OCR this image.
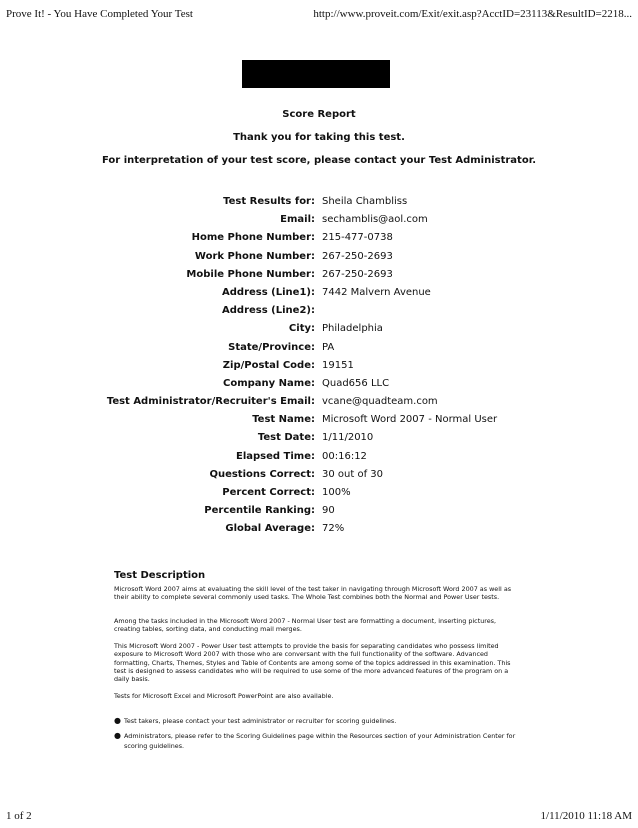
Prove It! - You Have Completed Your Test	http://www.proveit.com/Exit/exit.asp?AcctID=23113&ResultID=2218...
Score Report
Thank you for taking this test.
For interpretation of your test score, please contact your Test Administrator.
Test Results for: Sheila Chambliss
Email: sechamblis@aol.com
Home Phone Number: 215-477-0738
Work Phone Number: 267-250-2693
Mobile Phone Number: 267-250-2693
Address (Line1): 7442 Malvern Avenue
Address (Line2):
City: Philadelphia
State/Province: PA
Zip/Postal Code: 19151
Company Name: Quad656 LLC
Test Administrator/Recruiter's Email: vcane@quadteam.com
Test Name: Microsoft Word 2007 - Normal User
Test Date: 1/11/2010
Elapsed Time: 00:16:12
Questions Correct: 30 out of 30
Percent Correct: 100%
Percentile Ranking: 90
Global Average: 72%
Test Description
Microsoft Word 2007 aims at evaluating the skill level of the test taker in navigating through Microsoft Word 2007 as well as their ability to complete several commonly used tasks. The Whole Test combines both the Normal and Power User tests.
Among the tasks included in the Microsoft Word 2007 - Normal User test are formatting a document, inserting pictures, creating tables, sorting data, and conducting mail merges.
This Microsoft Word 2007 - Power User test attempts to provide the basis for separating candidates who possess limited exposure to Microsoft Word 2007 with those who are conversant with the full functionality of the software. Advanced formatting, Charts, Themes, Styles and Table of Contents are among some of the topics addressed in this examination. This test is designed to assess candidates who will be required to use some of the more advanced features of the program on a daily basis.
Tests for Microsoft Excel and Microsoft PowerPoint are also available.
● Test takers, please contact your test administrator or recruiter for scoring guidelines.
● Administrators, please refer to the Scoring Guidelines page within the Resources section of your Administration Center for scoring guidelines.
1 of 2	1/11/2010 11:18 AM
